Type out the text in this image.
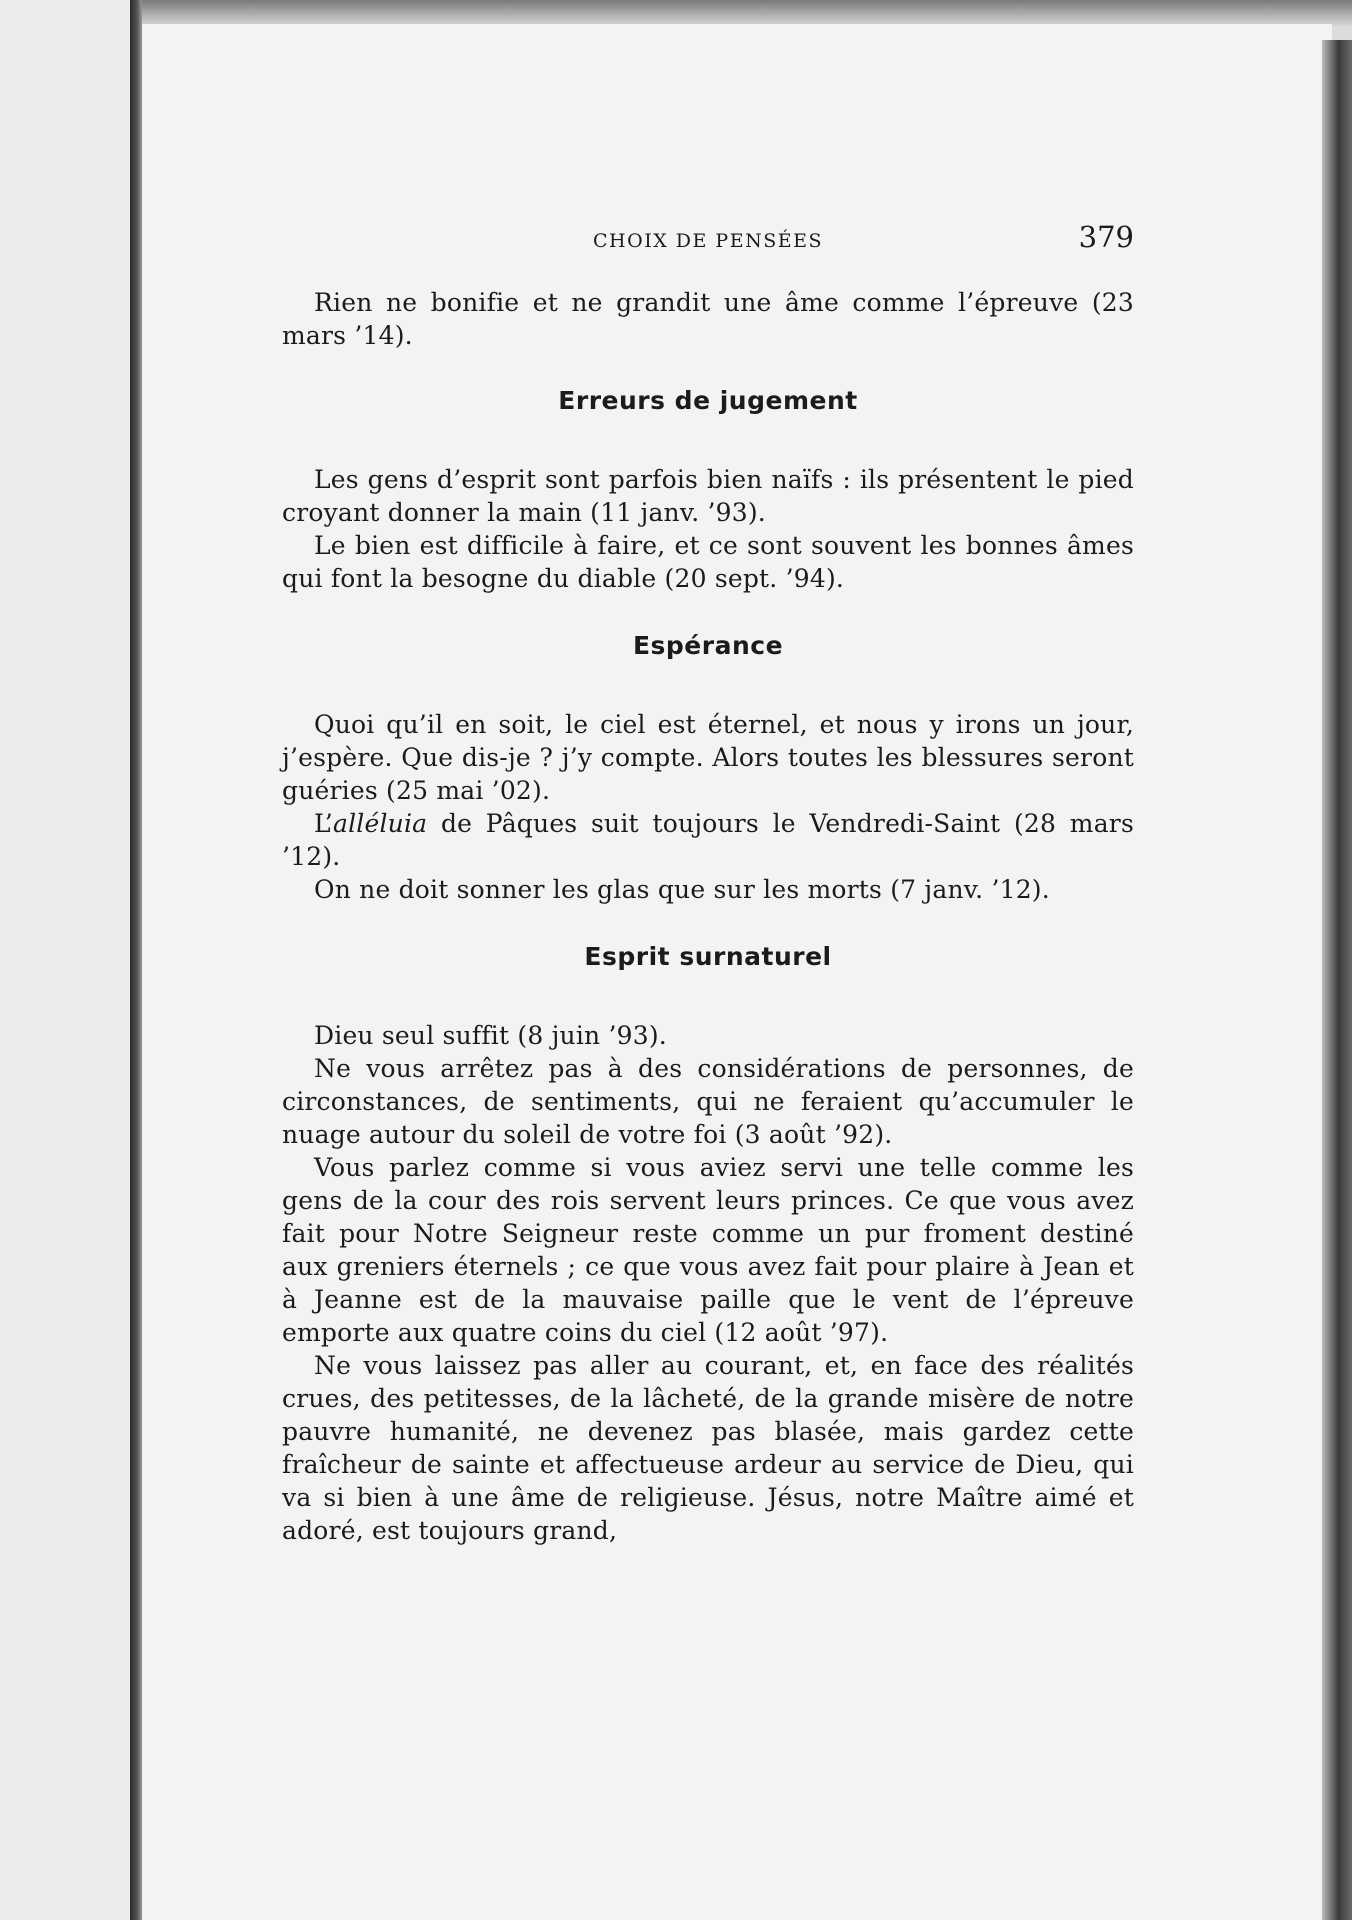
CHOIX DE PENSÉES	379

Rien ne bonifie et ne grandit une âme comme l’épreuve (23 mars ’14).

Erreurs de jugement

Les gens d’esprit sont parfois bien naïfs : ils présentent le pied croyant donner la main (11 janv. ’93).

Le bien est difficile à faire, et ce sont souvent les bonnes âmes qui font la besogne du diable (20 sept. ’94).

Espérance

Quoi qu’il en soit, le ciel est éternel, et nous y irons un jour, j’espère. Que dis-je ? j’y compte. Alors toutes les blessures seront guéries (25 mai ’02).

L’alléluia de Pâques suit toujours le Vendredi-Saint (28 mars ’12).

On ne doit sonner les glas que sur les morts (7 janv. ’12).

Esprit surnaturel

Dieu seul suffit (8 juin ’93).

Ne vous arrêtez pas à des considérations de personnes, de circonstances, de sentiments, qui ne feraient qu’accumuler le nuage autour du soleil de votre foi (3 août ’92).

Vous parlez comme si vous aviez servi une telle comme les gens de la cour des rois servent leurs princes. Ce que vous avez fait pour Notre Seigneur reste comme un pur froment destiné aux greniers éternels ; ce que vous avez fait pour plaire à Jean et à Jeanne est de la mauvaise paille que le vent de l’épreuve emporte aux quatre coins du ciel (12 août ’97).

Ne vous laissez pas aller au courant, et, en face des réalités crues, des petitesses, de la lâcheté, de la grande misère de notre pauvre humanité, ne devenez pas blasée, mais gardez cette fraîcheur de sainte et affectueuse ardeur au service de Dieu, qui va si bien à une âme de religieuse. Jésus, notre Maître aimé et adoré, est toujours grand,
